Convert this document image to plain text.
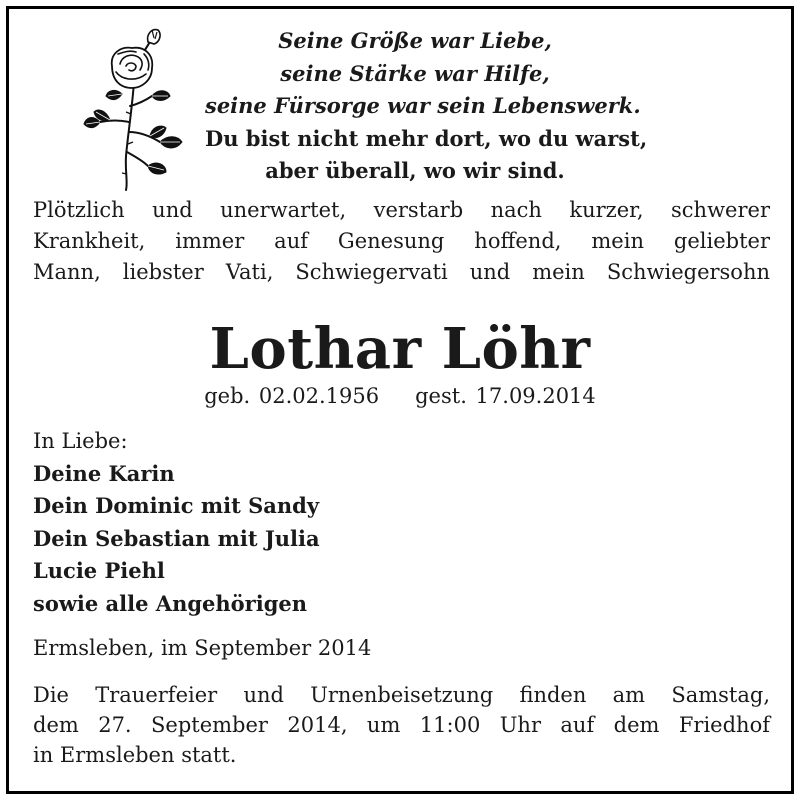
Seine Größe war Liebe,
seine Stärke war Hilfe,
seine Fürsorge war sein Lebenswerk.
Du bist nicht mehr dort, wo du warst,
aber überall, wo wir sind.
Plötzlich und unerwartet, verstarb nach kurzer, schwerer
Krankheit, immer auf Genesung hoffend, mein geliebter
Mann, liebster Vati, Schwiegervati und mein Schwiegersohn
Lothar Löhr
geb. 02.02.1956 gest. 17.09.2014
In Liebe:
Deine Karin
Dein Dominic mit Sandy
Dein Sebastian mit Julia
Lucie Piehl
sowie alle Angehörigen
Ermsleben, im September 2014
Die Trauerfeier und Urnenbeisetzung finden am Samstag,
dem 27. September 2014, um 11:00 Uhr auf dem Friedhof
in Ermsleben statt.
